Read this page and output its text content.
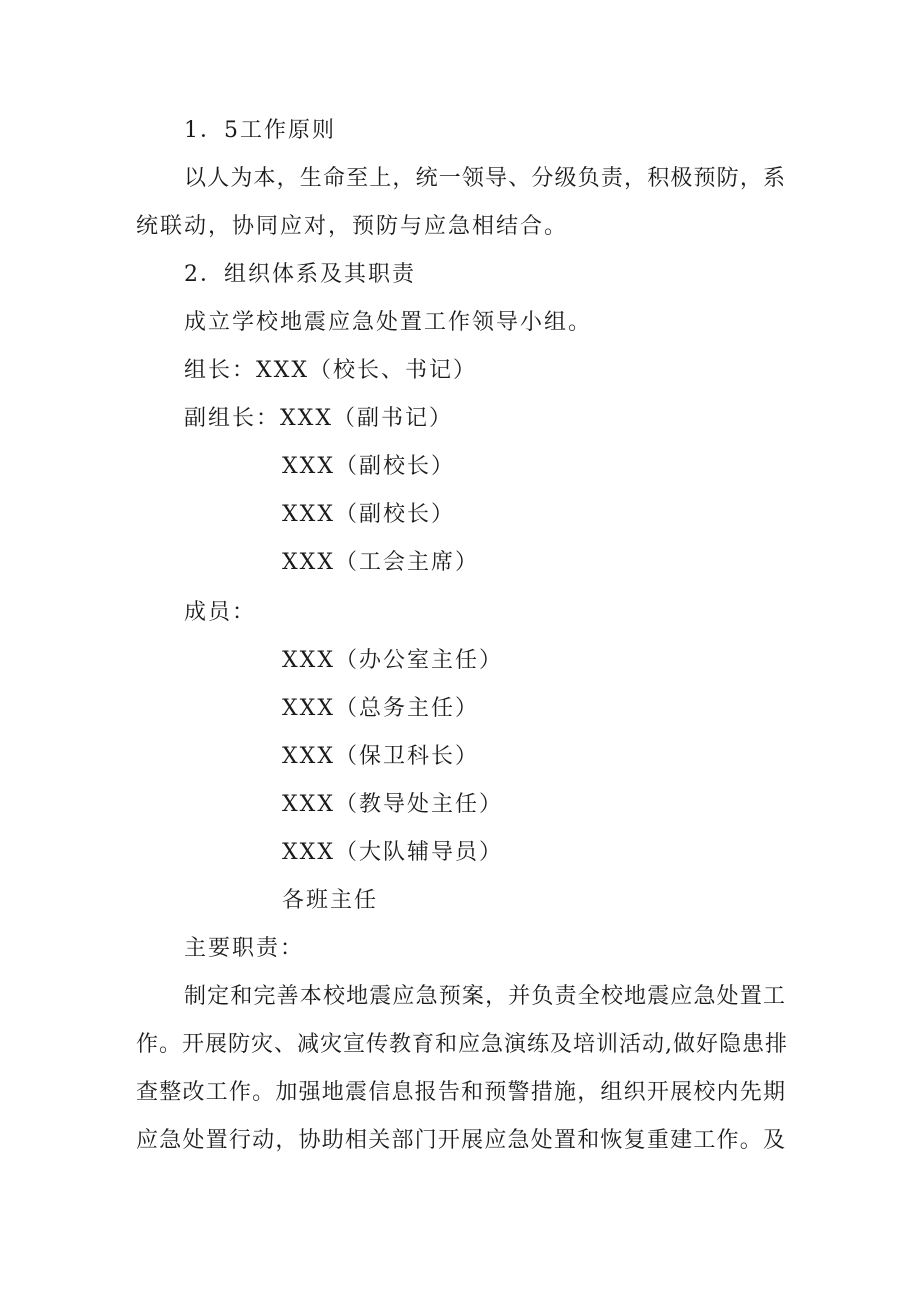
1．5工作原则
以人为本，生命至上，统一领导、分级负责，积极预防，系
统联动，协同应对，预防与应急相结合。
2．组织体系及其职责
成立学校地震应急处置工作领导小组。
组长：XXX（校长、书记）
副组长：XXX（副书记）
XXX（副校长）
XXX（副校长）
XXX（工会主席）
成员：
XXX（办公室主任）
XXX（总务主任）
XXX（保卫科长）
XXX（教导处主任）
XXX（大队辅导员）
各班主任
主要职责：
制定和完善本校地震应急预案，并负责全校地震应急处置工
作。开展防灾、减灾宣传教育和应急演练及培训活动,做好隐患排
查整改工作。加强地震信息报告和预警措施，组织开展校内先期
应急处置行动，协助相关部门开展应急处置和恢复重建工作。及
